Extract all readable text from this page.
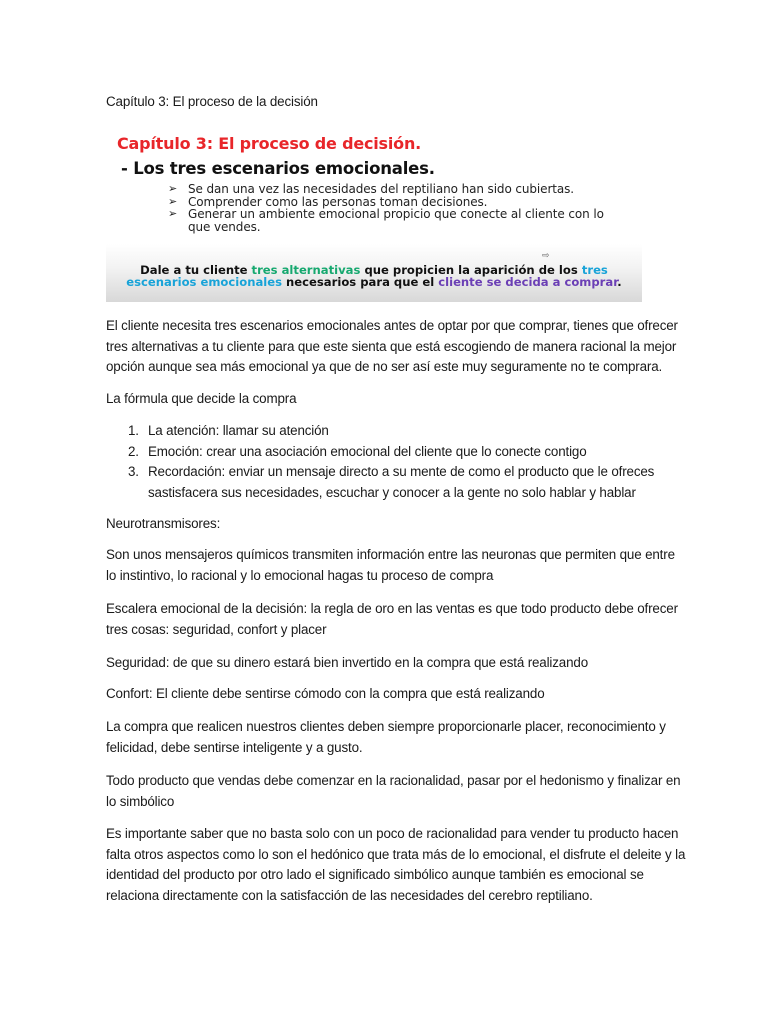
Capítulo 3: El proceso de la decisión

Capítulo 3: El proceso de decisión.

- Los tres escenarios emocionales.

➢ Se dan una vez las necesidades del reptiliano han sido cubiertas.
➢ Comprender como las personas toman decisiones.
➢ Generar un ambiente emocional propicio que conecte al cliente con lo que vendes.
⇨

Dale a tu cliente tres alternativas que propicien la aparición de los tres escenarios emocionales necesarios para que el cliente se decida a comprar.

El cliente necesita tres escenarios emocionales antes de optar por que comprar, tienes que ofrecer tres alternativas a tu cliente para que este sienta que está escogiendo de manera racional la mejor opción aunque sea más emocional ya que de no ser así este muy seguramente no te comprara.

La fórmula que decide la compra

1. La atención: llamar su atención
2. Emoción: crear una asociación emocional del cliente que lo conecte contigo
3. Recordación: enviar un mensaje directo a su mente de como el producto que le ofreces sastisfacera sus necesidades, escuchar y conocer a la gente no solo hablar y hablar

Neurotransmisores:

Son unos mensajeros químicos transmiten información entre las neuronas que permiten que entre lo instintivo, lo racional y lo emocional hagas tu proceso de compra

Escalera emocional de la decisión: la regla de oro en las ventas es que todo producto debe ofrecer tres cosas: seguridad, confort y placer

Seguridad: de que su dinero estará bien invertido en la compra que está realizando

Confort: El cliente debe sentirse cómodo con la compra que está realizando

La compra que realicen nuestros clientes deben siempre proporcionarle placer, reconocimiento y felicidad, debe sentirse inteligente y a gusto.

Todo producto que vendas debe comenzar en la racionalidad, pasar por el hedonismo y finalizar en lo simbólico

Es importante saber que no basta solo con un poco de racionalidad para vender tu producto hacen falta otros aspectos como lo son el hedónico que trata más de lo emocional, el disfrute el deleite y la identidad del producto por otro lado el significado simbólico aunque también es emocional se relaciona directamente con la satisfacción de las necesidades del cerebro reptiliano.
